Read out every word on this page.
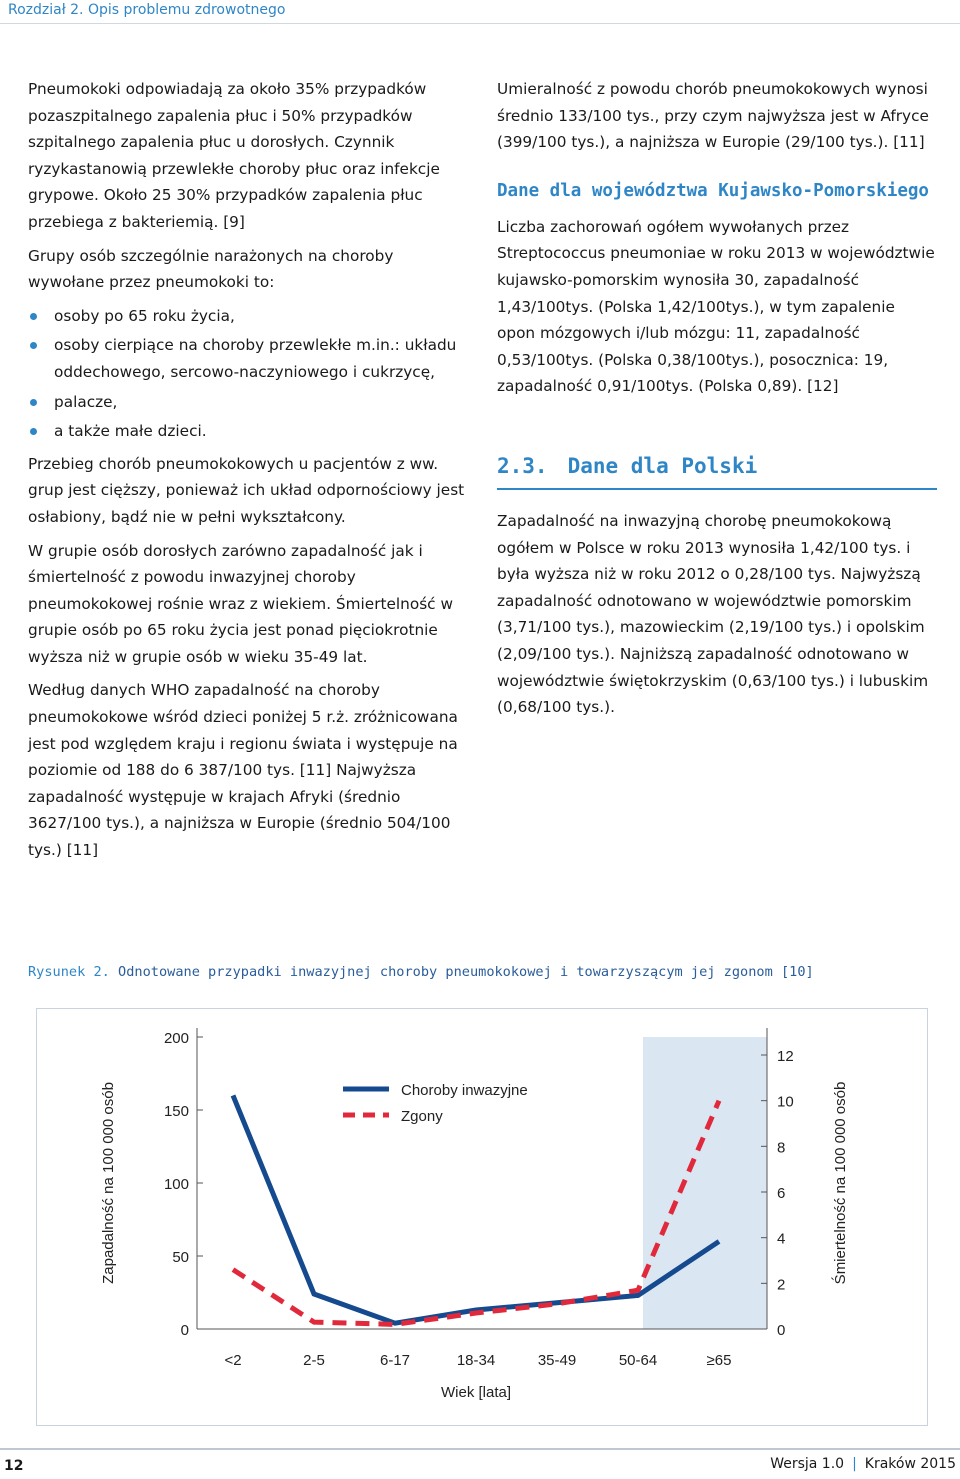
Rozdział 2. Opis problemu zdrowotnego

Pneumokoki odpowiadają za około 35% przypadków pozaszpitalnego zapalenia płuc i 50% przypadków szpitalnego zapalenia płuc u dorosłych. Czynnik ryzykastanowią przewlekłe choroby płuc oraz infekcje grypowe. Około 25 30% przypadków zapalenia płuc przebiega z bakteriemią. [9]

Grupy osób szczególnie narażonych na choroby wywołane przez pneumokoki to:

osoby po 65 roku życia,
osoby cierpiące na choroby przewlekłe m.in.: układu oddechowego, sercowo-naczyniowego i cukrzycę,
palacze,
a także małe dzieci.

Przebieg chorób pneumokokowych u pacjentów z ww. grup jest cięższy, ponieważ ich układ odpornościowy jest osłabiony, bądź nie w pełni wykształcony.

W grupie osób dorosłych zarówno zapadalność jak i śmiertelność z powodu inwazyjnej choroby pneumokokowej rośnie wraz z wiekiem. Śmiertelność w grupie osób po 65 roku życia jest ponad pięciokrotnie wyższa niż w grupie osób w wieku 35-49 lat.

Według danych WHO zapadalność na choroby pneumokokowe wśród dzieci poniżej 5 r.ż. zróżnicowana jest pod względem kraju i regionu świata i występuje na poziomie od 188 do 6 387/100 tys. [11] Najwyższa zapadalność występuje w krajach Afryki (średnio 3627/100 tys.), a najniższa w Europie (średnio 504/100 tys.) [11]

Umieralność z powodu chorób pneumokokowych wynosi średnio 133/100 tys., przy czym najwyższa jest w Afryce (399/100 tys.), a najniższa w Europie (29/100 tys.). [11]

Dane dla województwa Kujawsko-Pomorskiego

Liczba zachorowań ogółem wywołanych przez Streptococcus pneumoniae w roku 2013 w województwie kujawsko-pomorskim wynosiła 30, zapadalność 1,43/100tys. (Polska 1,42/100tys.), w tym zapalenie opon mózgowych i/lub mózgu: 11, zapadalność 0,53/100tys. (Polska 0,38/100tys.), posocznica: 19, zapadalność 0,91/100tys. (Polska 0,89). [12]

2.3. Dane dla Polski

Zapadalność na inwazyjną chorobę pneumokokową ogółem w Polsce w roku 2013 wynosiła 1,42/100 tys. i była wyższa niż w roku 2012 o 0,28/100 tys. Najwyższą zapadalność odnotowano w województwie pomorskim (3,71/100 tys.), mazowieckim (2,19/100 tys.) i opolskim (2,09/100 tys.). Najniższą zapadalność odnotowano w województwie świętokrzyskim (0,63/100 tys.) i lubuskim (0,68/100 tys.).

Rysunek 2. Odnotowane przypadki inwazyjnej choroby pneumokokowej i towarzyszącym jej zgonom [10]
0
50
100
150
200
0
2
4
6
8
10
12
<2	2-5	6-17	18-34	35-49	50-64	≥65
Wiek [lata]
Zapadalność na 100 000 osób	Śmiertelność na 100 000 osób
Choroby inwazyjne
Zgony
12	Wersja 1.0 | Kraków 2015
